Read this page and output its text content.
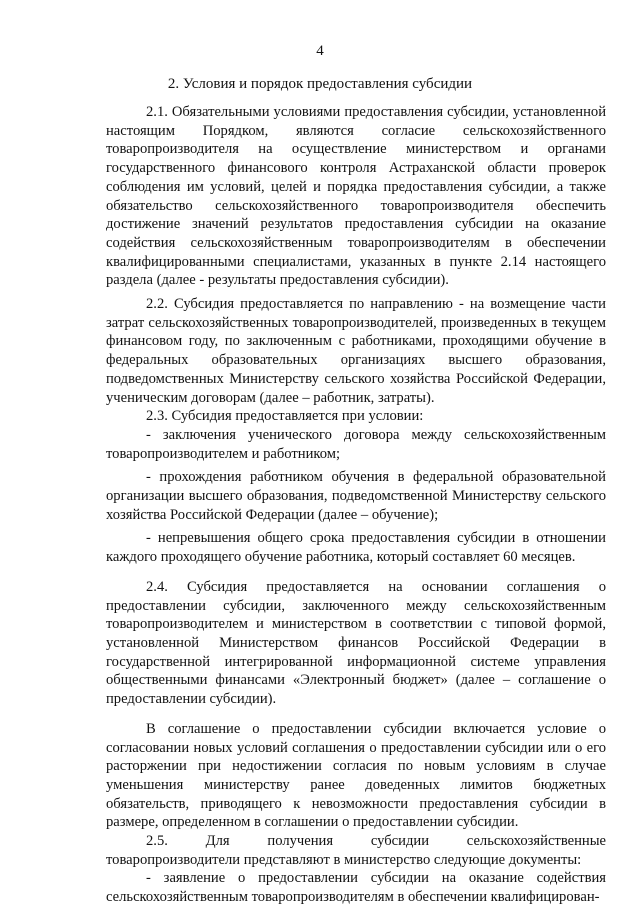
4
2. Условия и порядок предоставления субсидии

2.1. Обязательными условиями предоставления субсидии, установленной настоящим Порядком, являются согласие сельскохозяйственного товаропроизводителя на осуществление министерством и органами государственного финансового контроля Астраханской области проверок соблюдения им условий, целей и порядка предоставления субсидии, а также обязательство сельскохозяйственного товаропроизводителя обеспечить достижение значений результатов предоставления субсидии на оказание содействия сельскохозяйственным товаропроизводителям в обеспечении квалифицированными специалистами, указанных в пункте 2.14 настоящего раздела (далее - результаты предоставления субсидии).

2.2. Субсидия предоставляется по направлению - на возмещение части затрат сельскохозяйственных товаропроизводителей, произведенных в текущем финансовом году, по заключенным с работниками, проходящими обучение в федеральных образовательных организациях высшего образования, подведомственных Министерству сельского хозяйства Российской Федерации, ученическим договорам (далее – работник, затраты).

2.3. Субсидия предоставляется при условии:

- заключения ученического договора между сельскохозяйственным товаропроизводителем и работником;

- прохождения работником обучения в федеральной образовательной организации высшего образования, подведомственной Министерству сельского хозяйства Российской Федерации (далее – обучение);

- непревышения общего срока предоставления субсидии в отношении каждого проходящего обучение работника, который составляет 60 месяцев.

2.4. Субсидия предоставляется на основании соглашения о предоставлении субсидии, заключенного между сельскохозяйственным товаропроизводителем и министерством в соответствии с типовой формой, установленной Министерством финансов Российской Федерации в государственной интегрированной информационной системе управления общественными финансами «Электронный бюджет» (далее – соглашение о предоставлении субсидии).

В соглашение о предоставлении субсидии включается условие о согласовании новых условий соглашения о предоставлении субсидии или о его расторжении при недостижении согласия по новым условиям в случае уменьшения министерству ранее доведенных лимитов бюджетных обязательств, приводящего к невозможности предоставления субсидии в размере, определенном в соглашении о предоставлении субсидии.

2.5. Для получения субсидии сельскохозяйственные товаропроизводители представляют в министерство следующие документы:

- заявление о предоставлении субсидии на оказание содействия сельскохозяйственным товаропроизводителям в обеспечении квалифицирован-
